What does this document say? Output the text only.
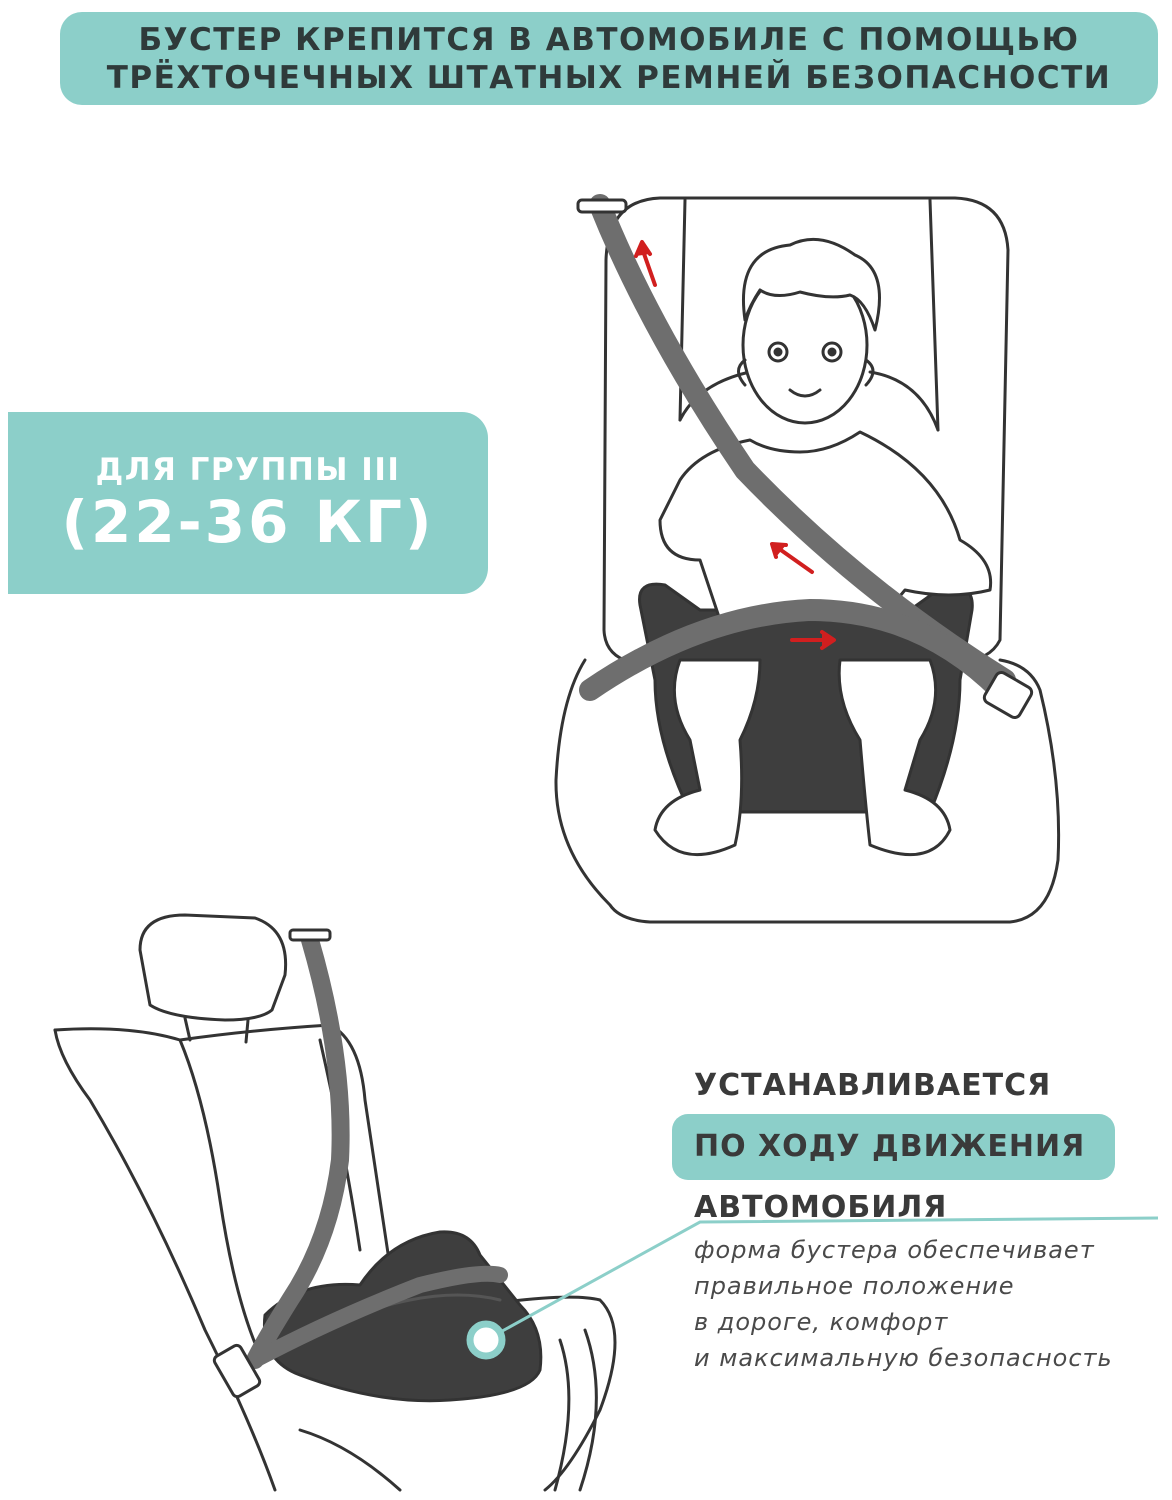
БУСТЕР КРЕПИТСЯ В АВТОМОБИЛЕ С ПОМОЩЬЮ
ТРЁХТОЧЕЧНЫХ ШТАТНЫХ РЕМНЕЙ БЕЗОПАСНОСТИ
ДЛЯ ГРУППЫ III
(22-36 КГ)
УСТАНАВЛИВАЕТСЯ
ПО ХОДУ ДВИЖЕНИЯ
АВТОМОБИЛЯ
форма бустера обеспечивает
правильное положение
в дороге, комфорт
и максимальную безопасность
